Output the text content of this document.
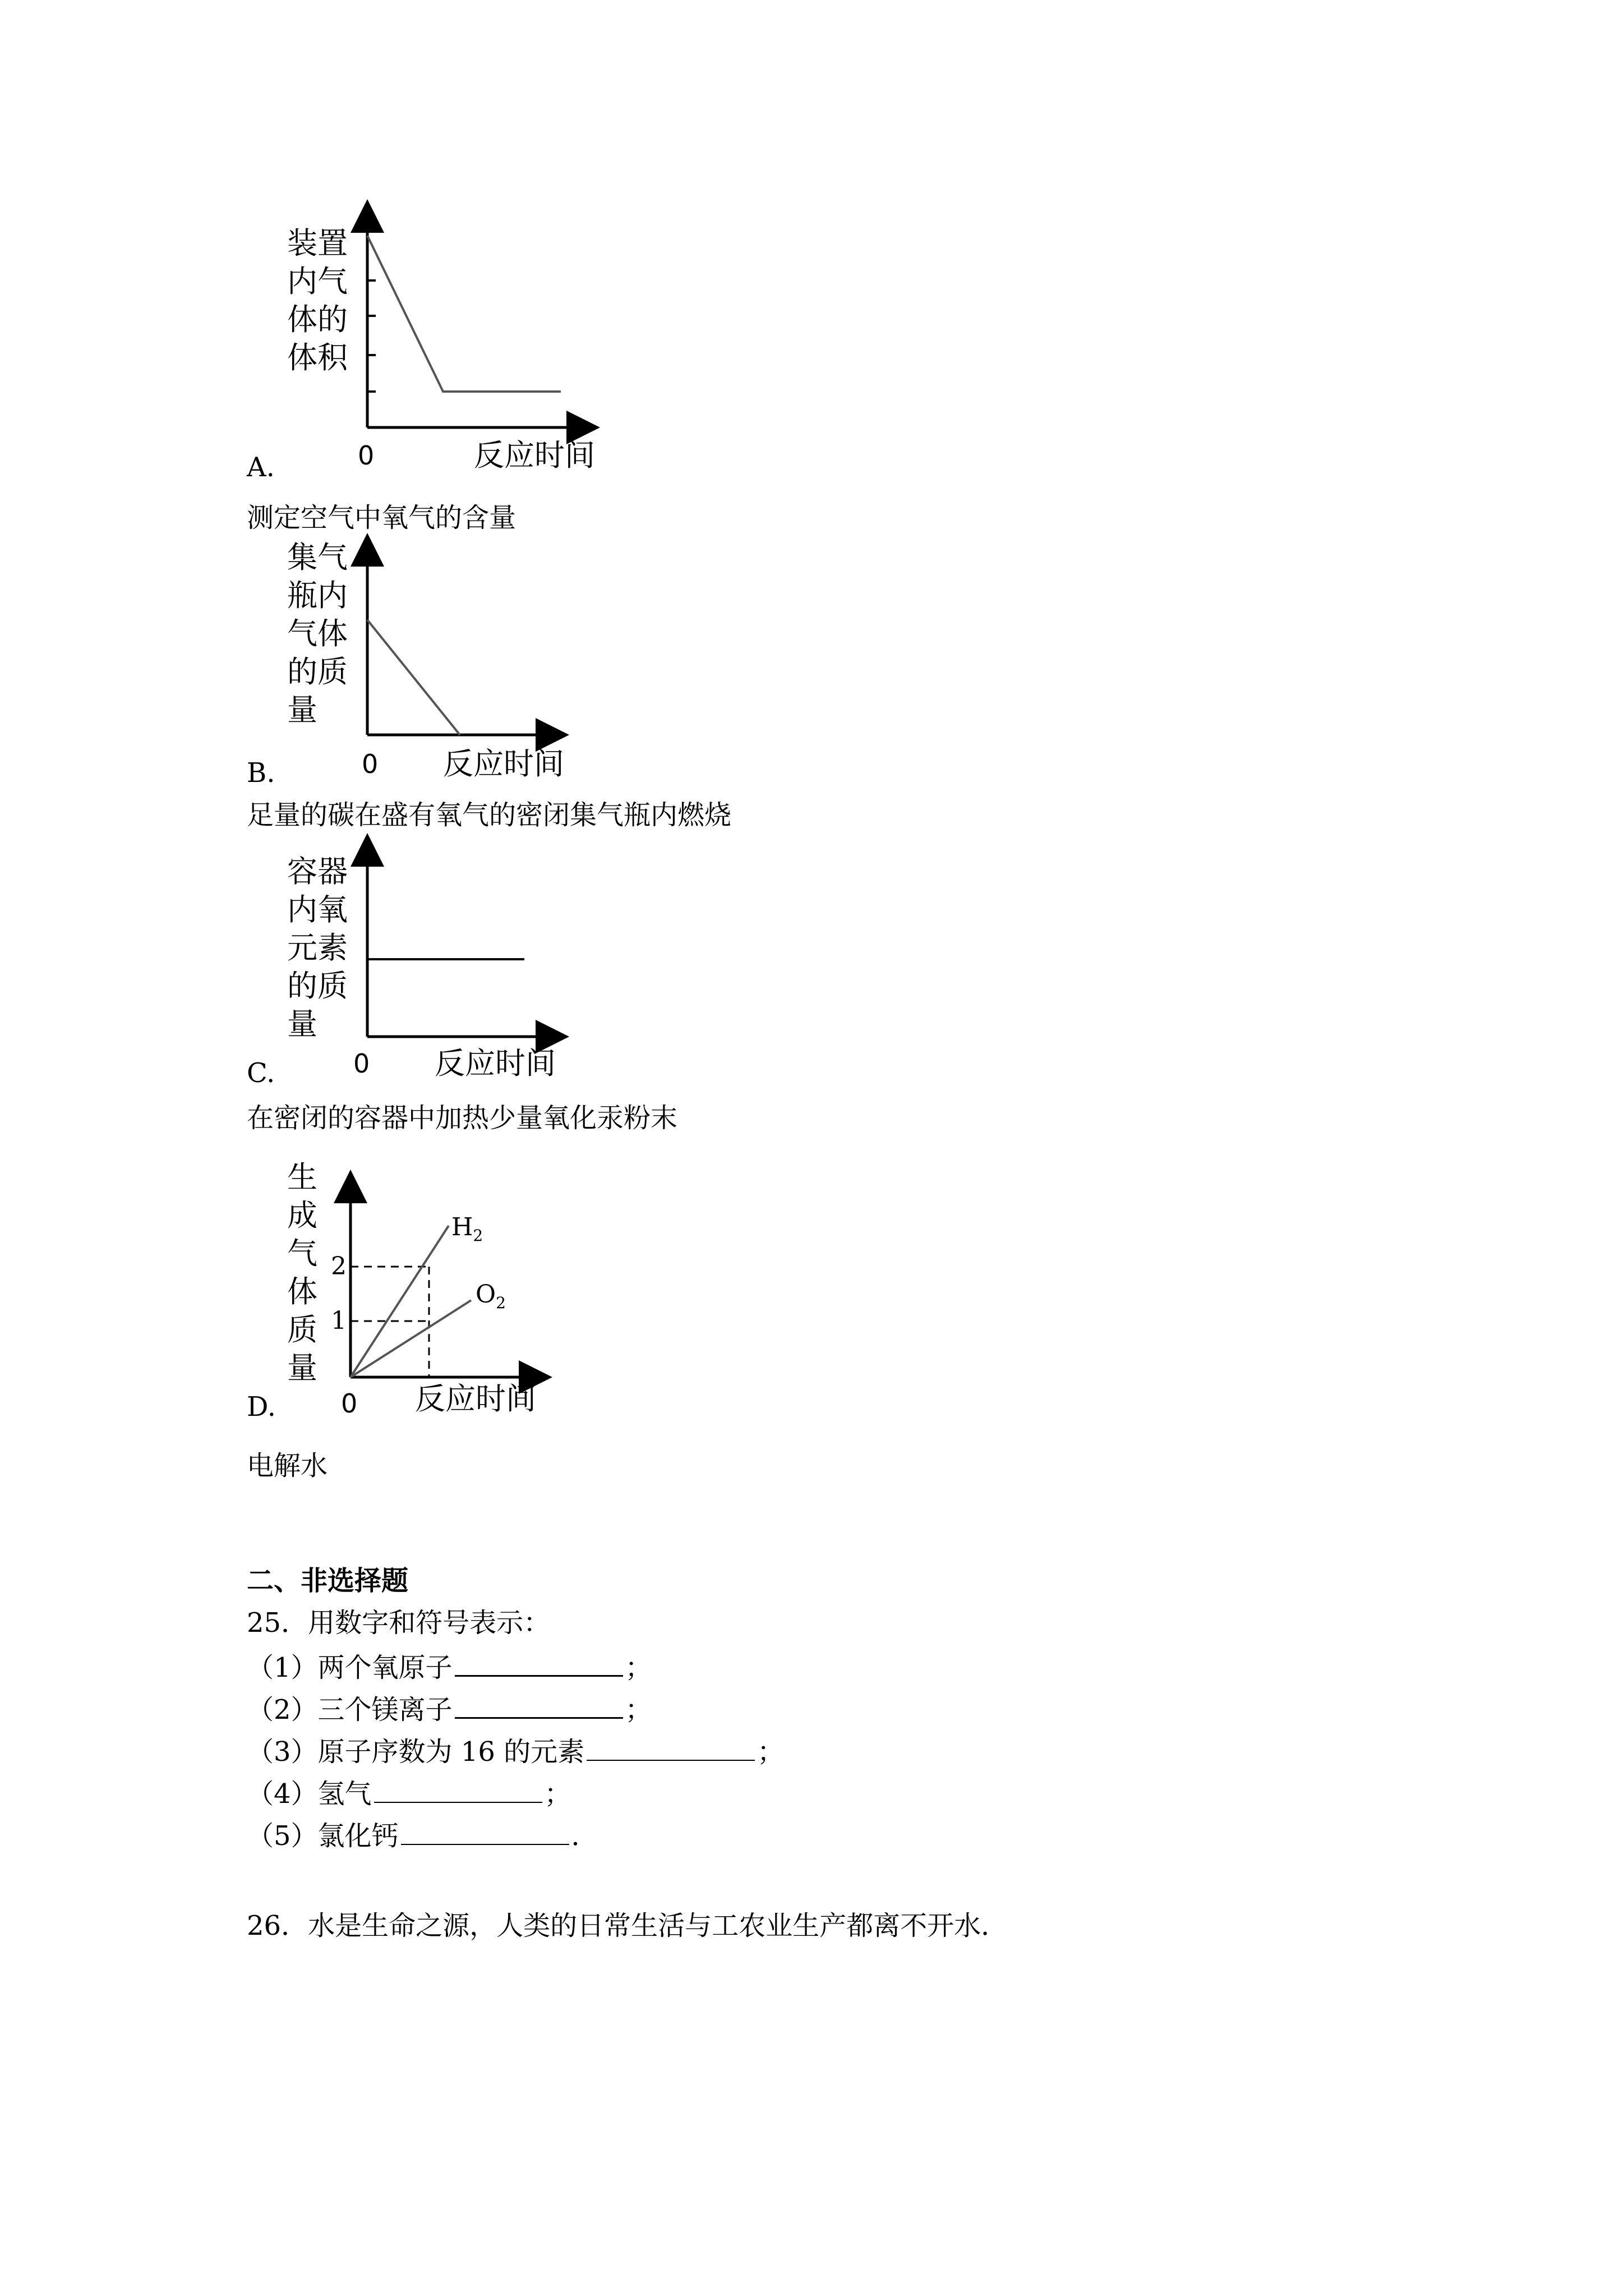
装置内气体的体积
0	反应时间
A.
测定空气中氧气的含量
集气瓶内气体的质量
0 反应时间
B.
足量的碳在盛有氧气的密闭集气瓶内燃烧
容器内氧元素的质量
0 反应时间
C.
在密闭的容器中加热少量氧化汞粉末
生成气体质量
2
1
$H_2$
$O_2$
0 反应时间
D.
电解水
二、非选择题
25．用数字和符号表示：
（1）两个氧原子	；
（2）三个镁离子	；
（3）原子序数为 16 的元素	；
（4）氢气	；
（5）氯化钙	．
26．水是生命之源，人类的日常生活与工农业生产都离不开水．
